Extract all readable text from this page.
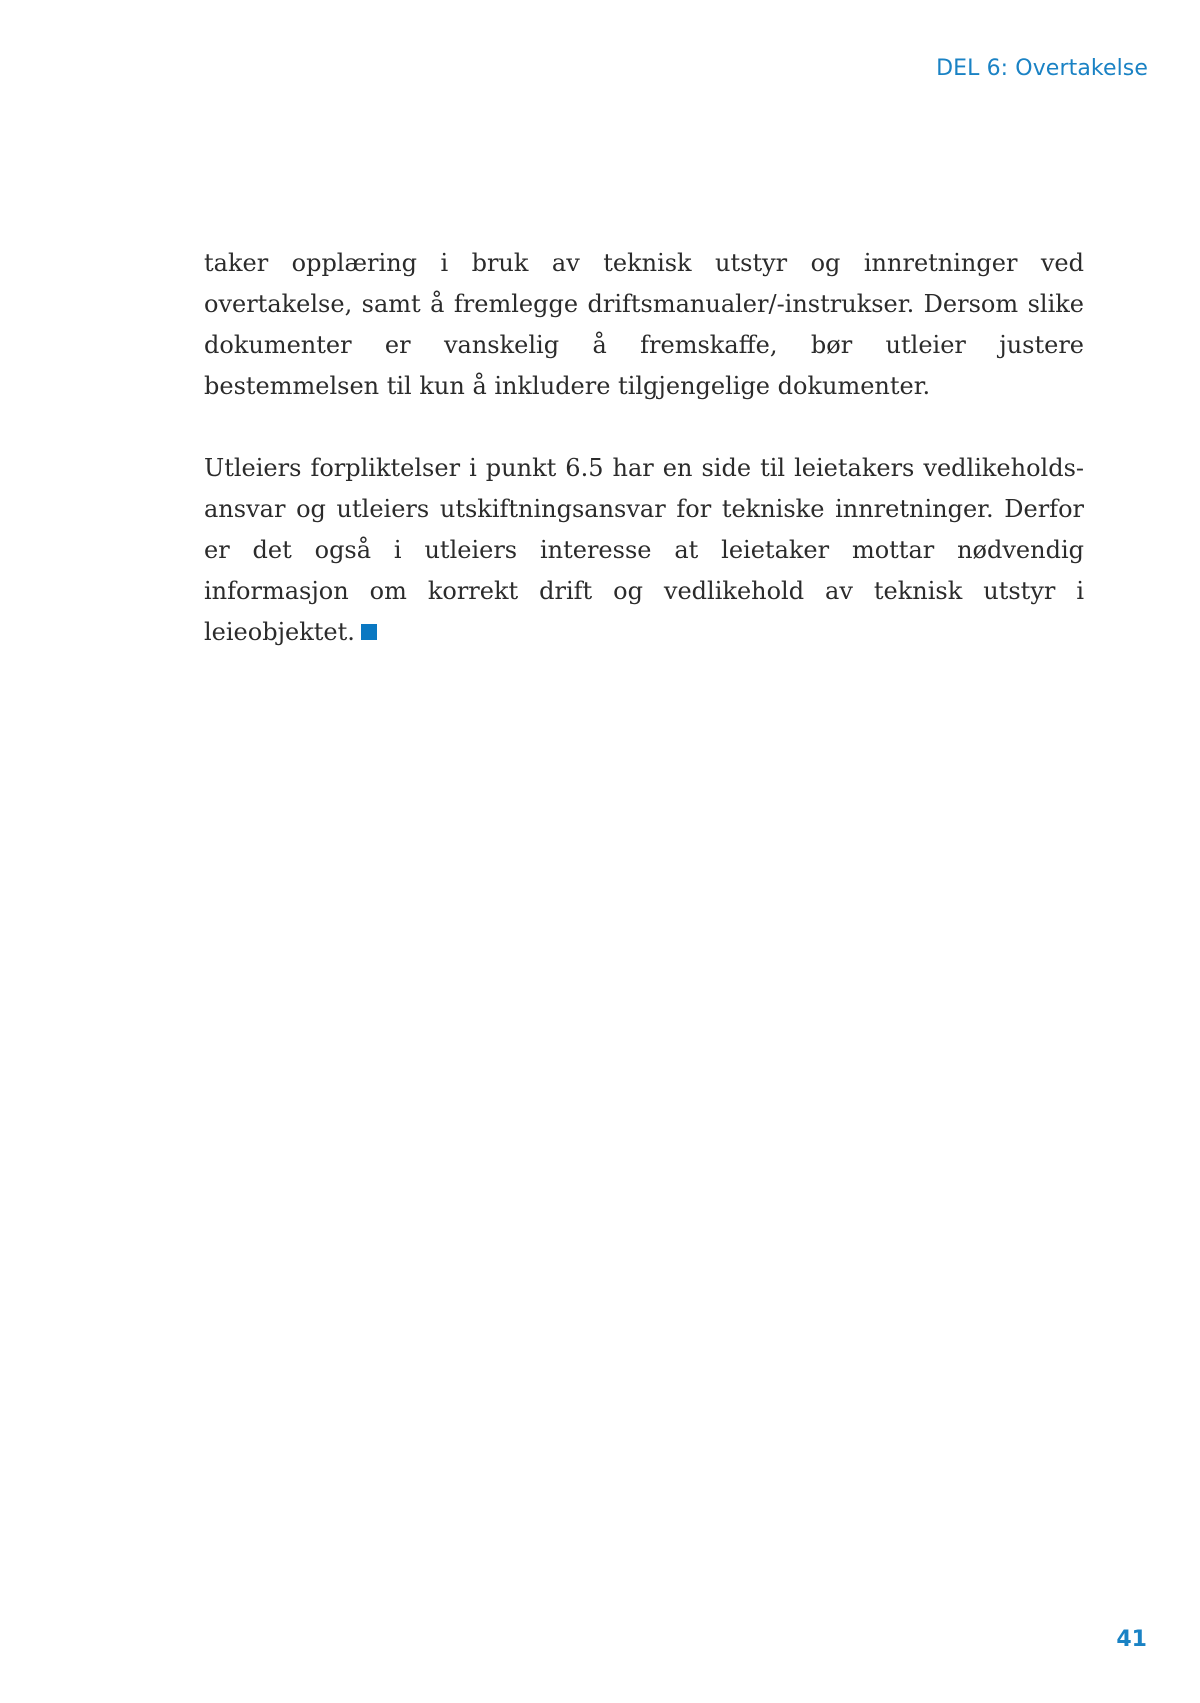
DEL 6: Overtakelse

taker opplæring i bruk av teknisk utstyr og innretninger ved overtakelse, samt å fremlegge driftsmanualer/-instrukser. Dersom slike dokumenter er vanskelig å fremskaffe, bør utleier justere bestemmelsen til kun å inkludere tilgjengelige dokumenter.

Utleiers forpliktelser i punkt 6.5 har en side til leietakers vedlikeholdsansvar og utleiers utskiftningsansvar for tekniske innretninger. Derfor er det også i utleiers interesse at leietaker mottar nødvendig informasjon om korrekt drift og vedlikehold av teknisk utstyr i leieobjektet.

41
